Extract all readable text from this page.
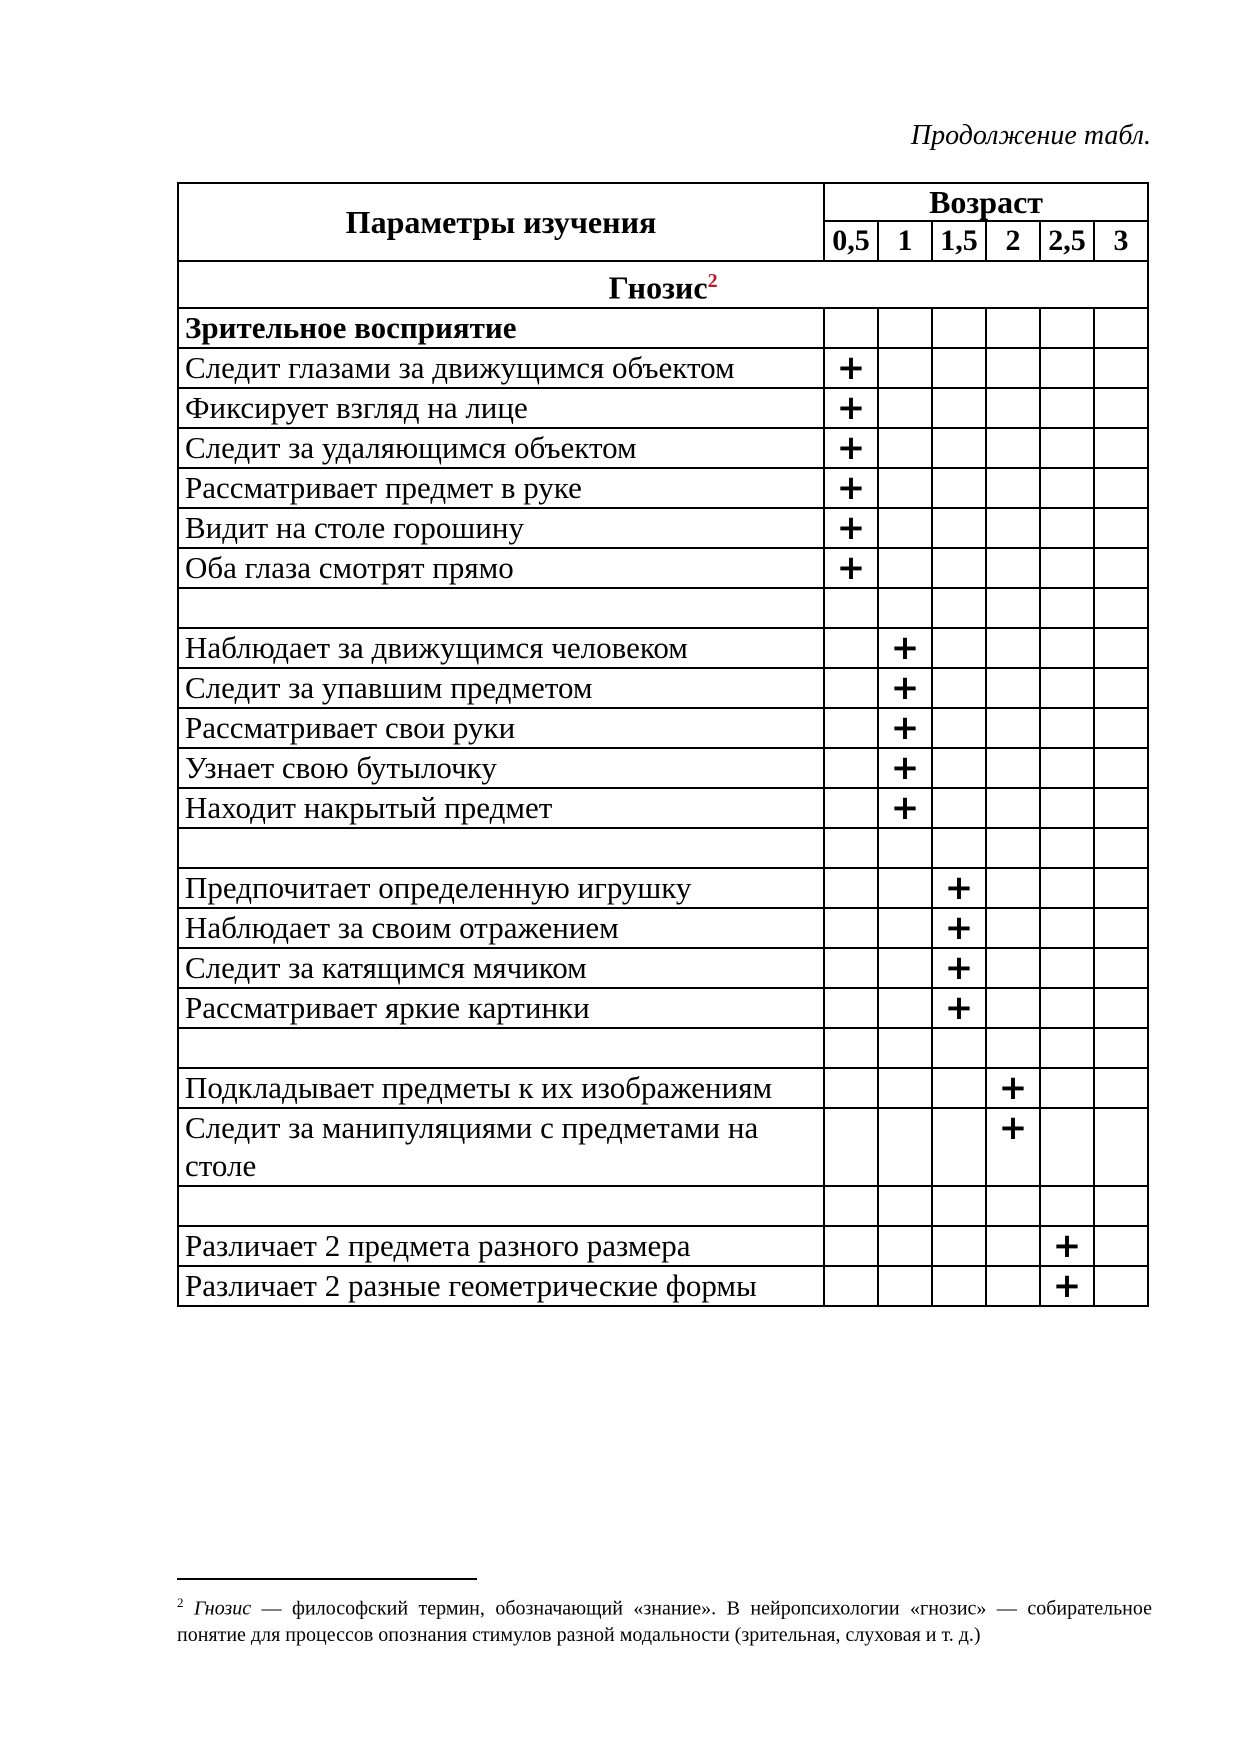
Продолжение табл.
Параметры изучения	Возраст					
	0,5	1	1,5	2	2,5	3
Гнозис$^2$
Зрительное восприятие						
Следит глазами за движущимся объектом	+					
Фиксирует взгляд на лице	+					
Следит за удаляющимся объектом	+					
Рассматривает предмет в руке	+					
Видит на столе горошину	+					
Оба глаза смотрят прямо	+					

Наблюдает за движущимся человеком		+				
Следит за упавшим предметом		+				
Рассматривает свои руки		+				
Узнает свою бутылочку		+				
Находит накрытый предмет		+				

Предпочитает определенную игрушку			+			
Наблюдает за своим отражением			+			
Следит за катящимся мячиком			+			
Рассматривает яркие картинки			+			

Подкладывает предметы к их изображениям				+		
Следит за манипуляциями с предметами на столе				+		

Различает 2 предмета разного размера					+	
Различает 2 разные геометрические формы					+	
$^2$ Гнозис — философский термин, обозначающий «знание». В нейропсихологии «гнозис» — собирательное понятие для процессов опознания стимулов разной модальности (зрительная, слуховая и т. д.)
